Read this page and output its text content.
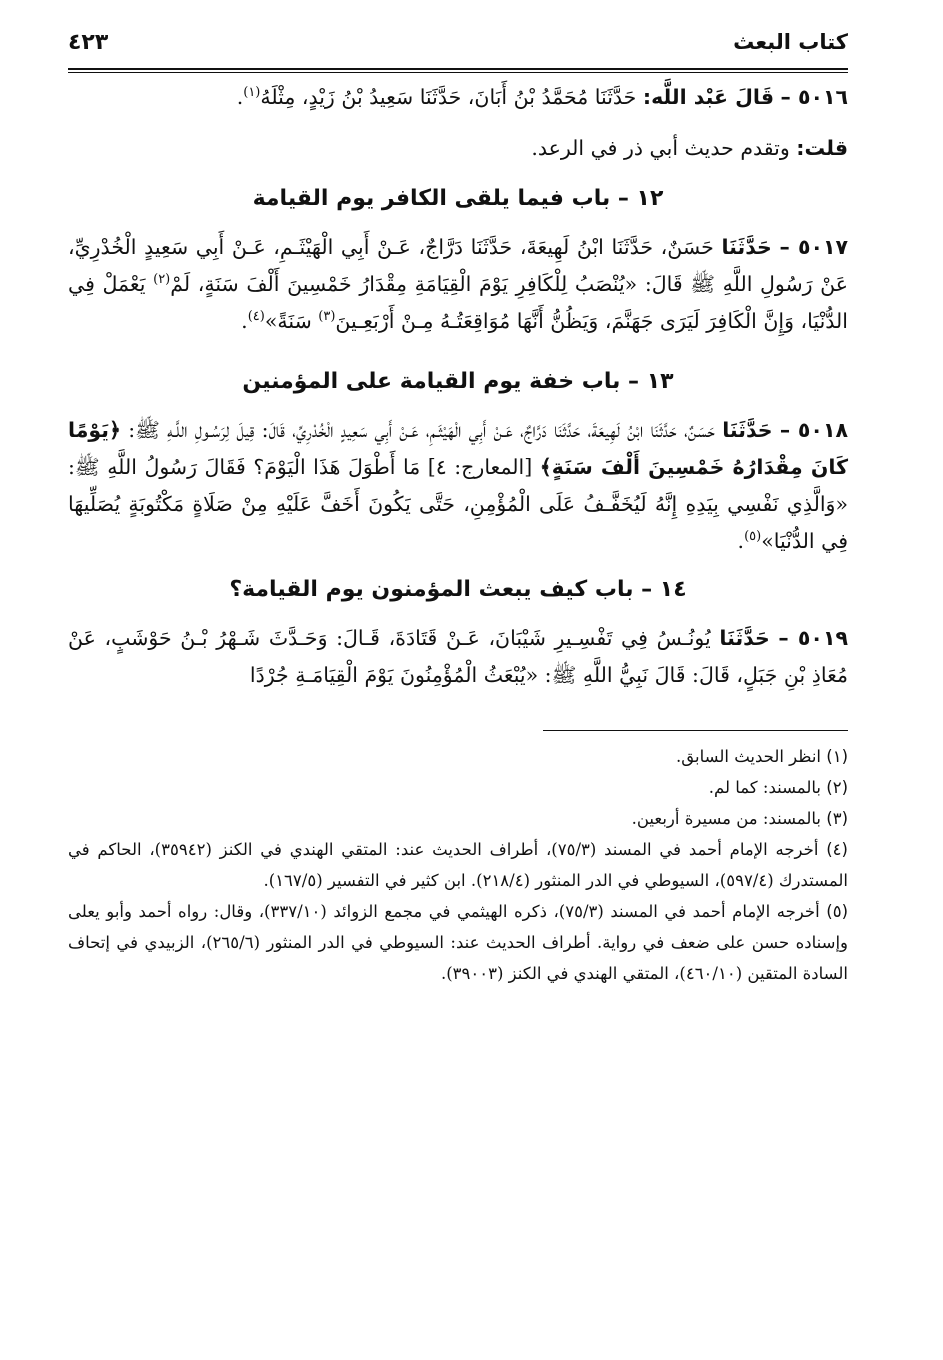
كتاب البعث
٤٢٣

٥٠١٦ – قَالَ عَبْد اللَّه: حَدَّثَنَا مُحَمَّدُ بْنُ أَبَانَ، حَدَّثَنَا سَعِيدُ بْنُ زَيْدٍ، مِثْلَهُ$^{(١)}$.

قلت: وتقدم حديث أبي ذر في الرعد.

١٢ – باب فيما يلقى الكافر يوم القيامة

٥٠١٧ – حَدَّثَنَا حَسَنٌ، حَدَّثَنَا ابْنُ لَهِيعَةَ، حَدَّثَنَا دَرَّاجٌ، عَـنْ أَبِي الْهَيْثَـمِ، عَـنْ أَبِي سَعِيدٍ الْخُدْرِيِّ، عَنْ رَسُولِ اللَّهِ ﷺ قَالَ: «يُنْصَبُ لِلْكَافِرِ يَوْمَ الْقِيَامَةِ مِقْدَارُ خَمْسِينَ أَلْفَ سَنَةٍ، لَمْ$^{(٢)}$ يَعْمَلْ فِي الدُّنْيَا، وَإِنَّ الْكَافِرَ لَيَرَى جَهَنَّمَ، وَيَظُنُّ أَنَّهَا مُوَاقِعَتُـهُ مِـنْ أَرْبَعِـينَ$^{(٣)}$ سَنَةً»$^{(٤)}$.

١٣ – باب خفة يوم القيامة على المؤمنين

٥٠١٨ – حَدَّثَنَا حَسَنٌ، حَدَّثَنَا ابْنُ لَهِيعَةَ، حَدَّثَنَا دَرَّاجٌ، عَـنْ أَبِي الْهَيْثَـمِ، عَـنْ أَبِي سَعِيدٍ الْخُدْرِيِّ، قَالَ: قِيلَ لِرَسُـولِ اللَّـهِ ﷺ: ﴿يَوْمًا كَانَ مِقْدَارُهُ خَمْسِينَ أَلْفَ سَنَةٍ﴾ [المعارج: ٤] مَا أَطْوَلَ هَذَا الْيَوْمَ؟ فَقَالَ رَسُولُ اللَّهِ ﷺ: «وَالَّذِي نَفْسِي بِيَدِهِ إِنَّهُ لَيُخَفَّـفُ عَلَى الْمُؤْمِنِ، حَتَّى يَكُونَ أَخَفَّ عَلَيْهِ مِنْ صَلَاةٍ مَكْتُوبَةٍ يُصَلِّيهَا فِي الدُّنْيَا»$^{(٥)}$.

١٤ – باب كيف يبعث المؤمنون يوم القيامة؟

٥٠١٩ – حَدَّثَنَا يُونُـسُ فِي تَفْسِـيرِ شَيْبَانَ، عَـنْ قَتَادَةَ، قَـالَ: وَحَـدَّثَ شَـهْرُ بْـنُ حَوْشَبٍ، عَنْ مُعَاذِ بْنِ جَبَلٍ، قَالَ: قَالَ نَبِيُّ اللَّهِ ﷺ: «يُبْعَثُ الْمُؤْمِنُونَ يَوْمَ الْقِيَامَـةِ جُرْدًا

(١) انظر الحديث السابق.
(٢) بالمسند: كما لم.
(٣) بالمسند: من مسيرة أربعين.
(٤) أخرجه الإمام أحمد في المسند (٧٥/٣)، أطراف الحديث عند: المتقي الهندي في الكنز (٣٥٩٤٢)، الحاكم في المستدرك (٥٩٧/٤)، السيوطي في الدر المنثور (٢١٨/٤). ابن كثير في التفسير (١٦٧/٥).
(٥) أخرجه الإمام أحمد في المسند (٧٥/٣)، ذكره الهيثمي في مجمع الزوائد (٣٣٧/١٠)، وقال: رواه أحمد وأبو يعلى وإسناده حسن على ضعف في رواية. أطراف الحديث عند: السيوطي في الدر المنثور (٢٦٥/٦)، الزبيدي في إتحاف السادة المتقين (٤٦٠/١٠)، المتقي الهندي في الكنز (٣٩٠٠٣).
